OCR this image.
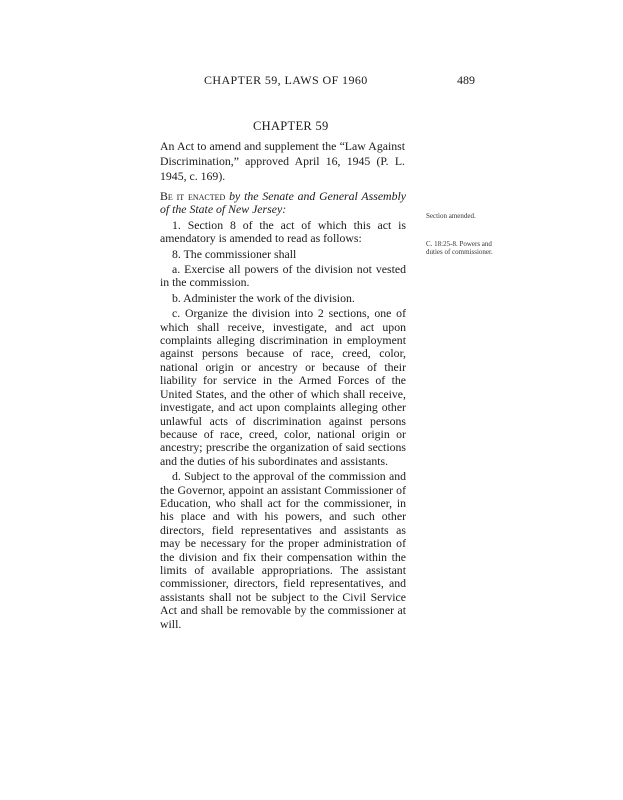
CHAPTER 59, LAWS OF 1960	489
CHAPTER 59

An Act to amend and supplement the “Law Against Discrimination,” approved April 16, 1945 (P. L. 1945, c. 169).

Be it enacted by the Senate and General Assembly of the State of New Jersey:

1. Section 8 of the act of which this act is amendatory is amended to read as follows:

8. The commissioner shall

a. Exercise all powers of the division not vested in the commission.

b. Administer the work of the division.

c. Organize the division into 2 sections, one of which shall receive, investigate, and act upon complaints alleging discrimination in employment against persons because of race, creed, color, national origin or ancestry or because of their liability for service in the Armed Forces of the United States, and the other of which shall receive, investigate, and act upon complaints alleging other unlawful acts of discrimination against persons because of race, creed, color, national origin or ancestry; prescribe the organization of said sections and the duties of his subordinates and assistants.

d. Subject to the approval of the commission and the Governor, appoint an assistant Commissioner of Education, who shall act for the commissioner, in his place and with his powers, and such other directors, field representatives and assistants as may be necessary for the proper administration of the division and fix their compensation within the limits of available appropriations. The assistant commissioner, directors, field representatives, and assistants shall not be subject to the Civil Service Act and shall be removable by the commissioner at will.

Section amended.
C. 18:25-8. Powers and duties of commissioner.
